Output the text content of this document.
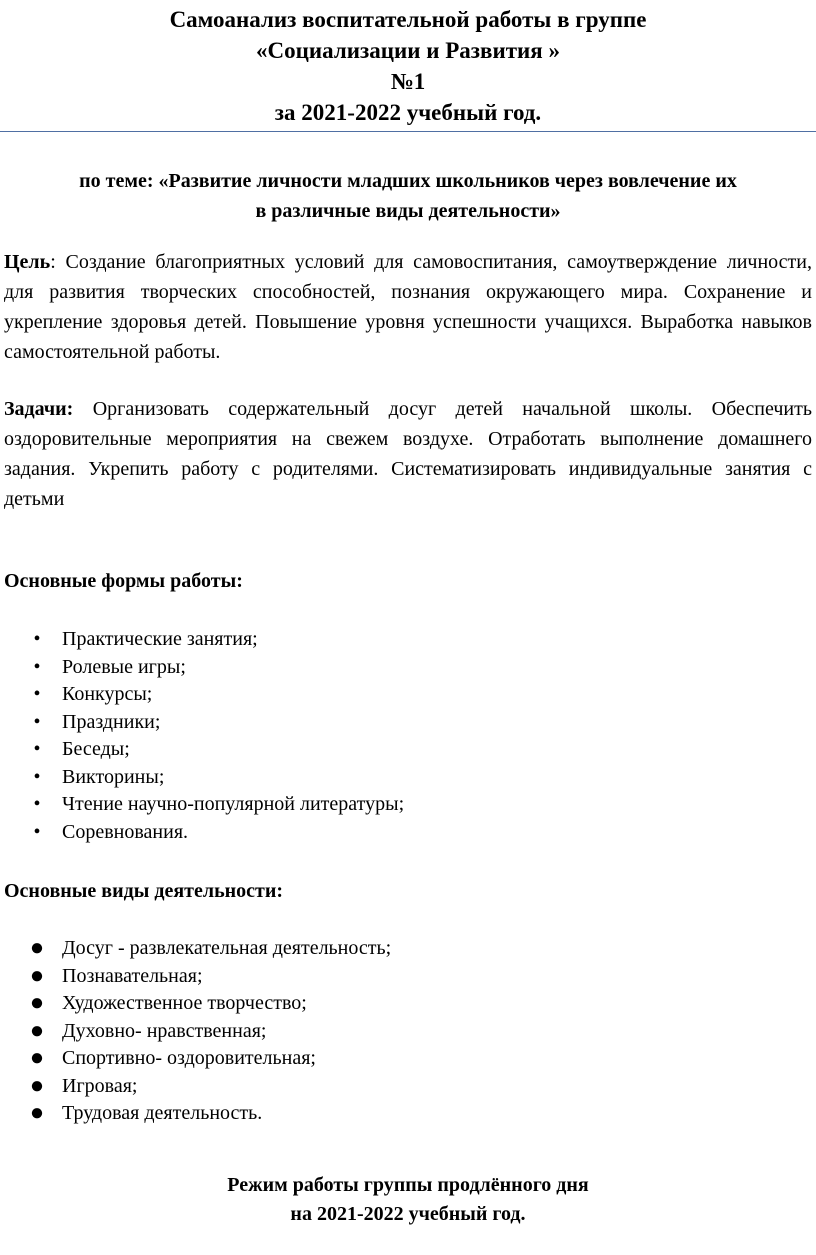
Самоанализ воспитательной работы в группе
«Социализации и Развития »
№1
за 2021-2022 учебный год.
по теме: «Развитие личности младших школьников через вовлечение их
в различные виды деятельности»
Цель: Создание благоприятных условий для самовоспитания, самоутверждение личности, для развития творческих способностей, познания окружающего мира. Сохранение и укрепление здоровья детей. Повышение уровня успешности учащихся. Выработка навыков самостоятельной работы.
Задачи: Организовать содержательный досуг детей начальной школы. Обеспечить оздоровительные мероприятия на свежем воздухе. Отработать выполнение домашнего задания. Укрепить работу с родителями. Систематизировать индивидуальные занятия с детьми
Основные формы работы:
•	Практические занятия;
•	Ролевые игры;
•	Конкурсы;
•	Праздники;
•	Беседы;
•	Викторины;
•	Чтение научно-популярной литературы;
•	Соревнования.
Основные виды деятельности:
● Досуг - развлекательная деятельность;
● Познавательная;
● Художественное творчество;
● Духовно- нравственная;
● Спортивно- оздоровительная;
● Игровая;
● Трудовая деятельность.
Режим работы группы продлённого дня
на 2021-2022 учебный год.
